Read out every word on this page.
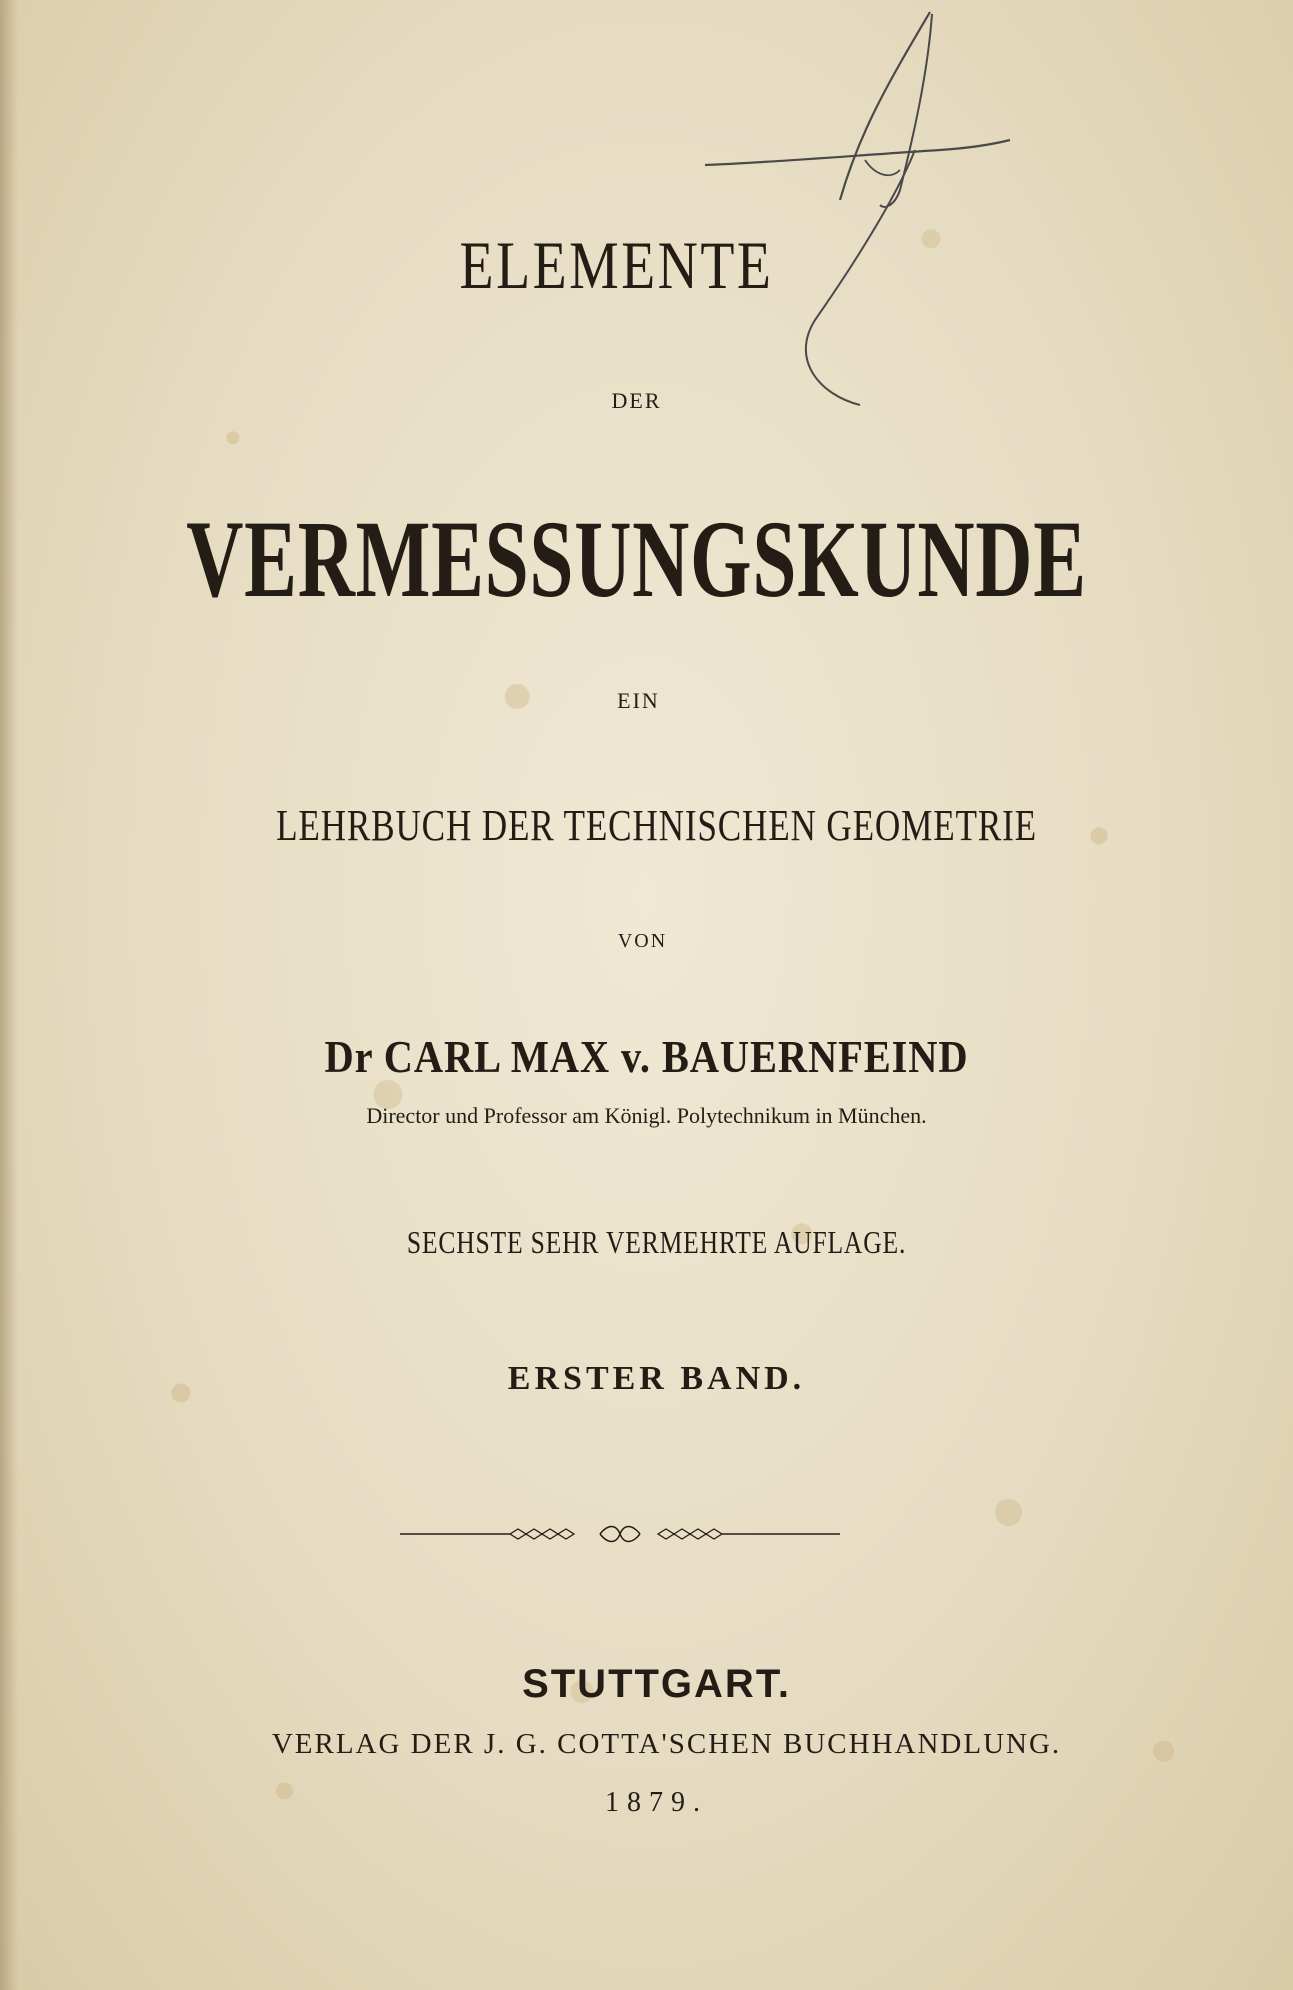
ELEMENTE
DER
VERMESSUNGSKUNDE
EIN
LEHRBUCH DER TECHNISCHEN GEOMETRIE
VON
Dr CARL MAX v. BAUERNFEIND
Director und Professor am Königl. Polytechnikum in München.
SECHSTE SEHR VERMEHRTE AUFLAGE.
ERSTER BAND.
STUTTGART.
VERLAG DER J. G. COTTA'SCHEN BUCHHANDLUNG.
1879.
